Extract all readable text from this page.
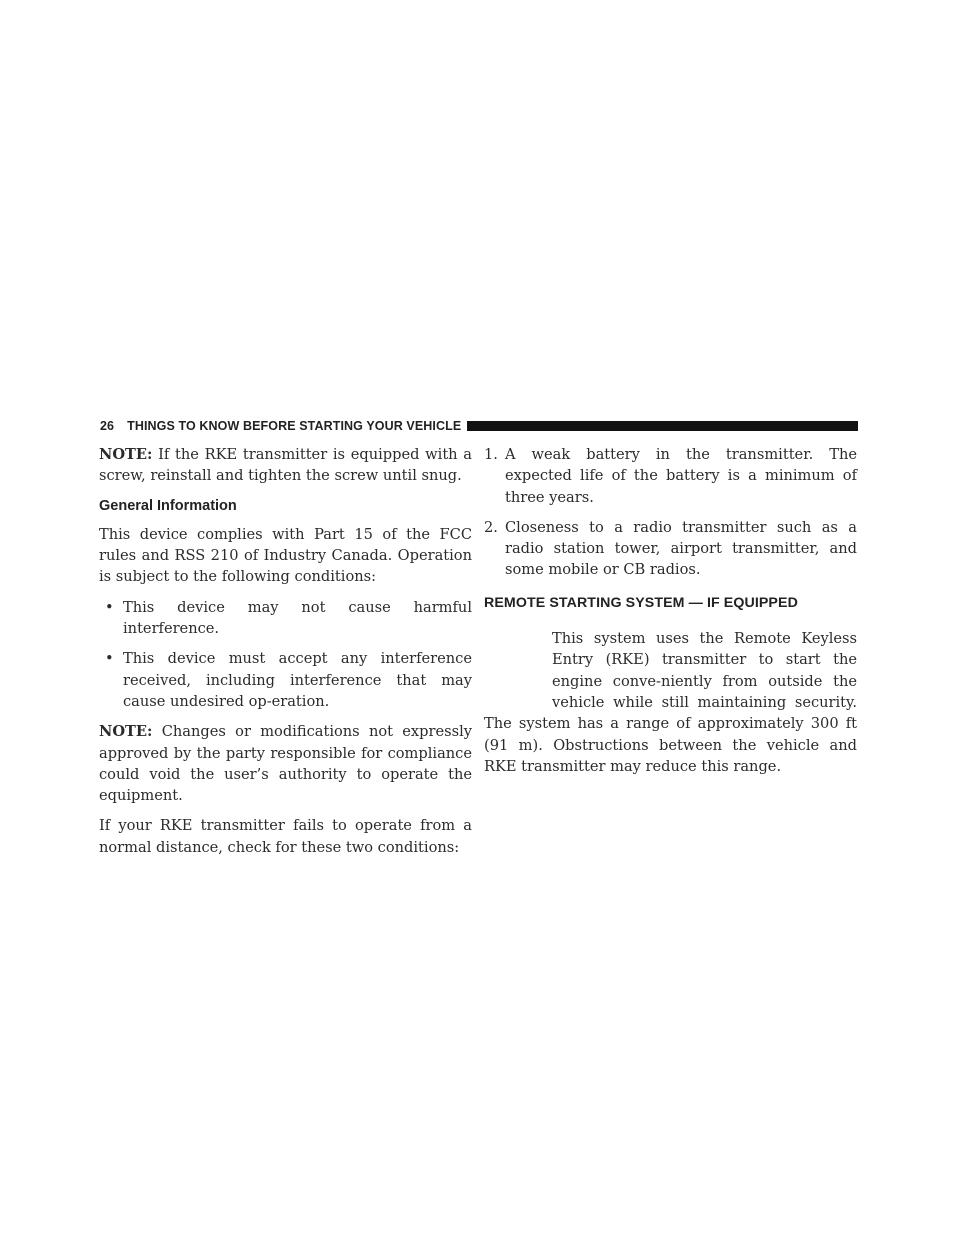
26	THINGS TO KNOW BEFORE STARTING YOUR VEHICLE

NOTE: If the RKE transmitter is equipped with a screw, reinstall and tighten the screw until snug.

General Information

This device complies with Part 15 of the FCC rules and RSS 210 of Industry Canada. Operation is subject to the following conditions:

• This device may not cause harmful interference.
• This device must accept any interference received, including interference that may cause undesired op-eration.

NOTE: Changes or modifications not expressly approved by the party responsible for compliance could void the user’s authority to operate the equipment.

If your RKE transmitter fails to operate from a normal distance, check for these two conditions:

1. A weak battery in the transmitter. The expected life of the battery is a minimum of three years.
2. Closeness to a radio transmitter such as a radio station tower, airport transmitter, and some mobile or CB radios.
REMOTE STARTING SYSTEM — IF EQUIPPED

This system uses the Remote Keyless Entry (RKE) transmitter to start the engine conve-niently from outside the vehicle while still maintaining security. The system has a range of approximately 300 ft (91 m). Obstructions between the vehicle and RKE transmitter may reduce this range.
